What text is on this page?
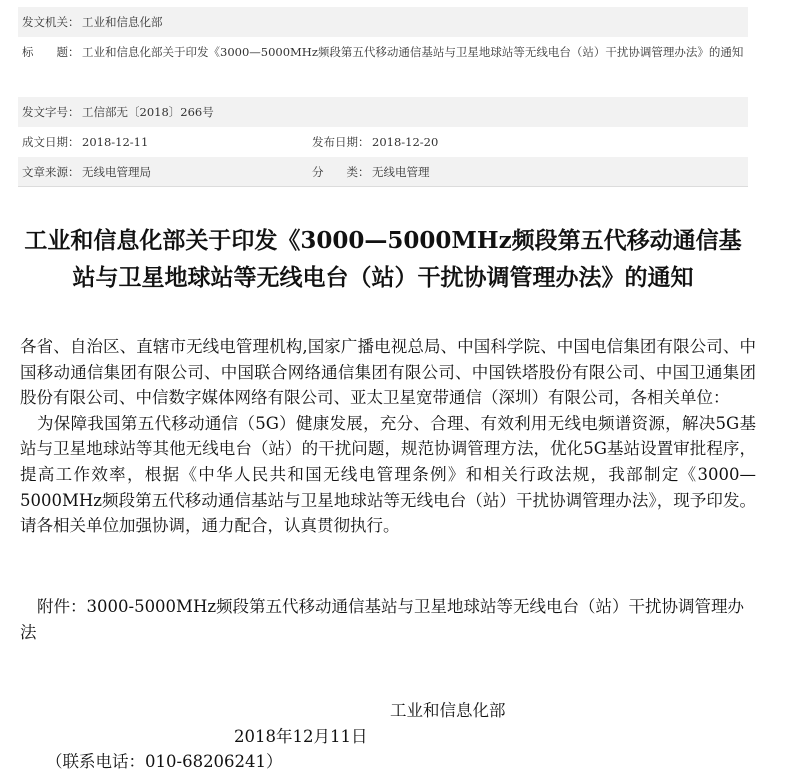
发文机关： 工业和信息化部
标　　题： 工业和信息化部关于印发《3000—5000MHz频段第五代移动通信基站与卫星地球站等无线电台（站）干扰协调管理办法》的通知
发文字号： 工信部无〔2018〕266号
成文日期： 2018-12-11	发布日期： 2018-12-20
文章来源： 无线电管理局	分　　类： 无线电管理
工业和信息化部关于印发《3000—5000MHz频段第五代移动通信基
站与卫星地球站等无线电台（站）干扰协调管理办法》的通知

各省、自治区、直辖市无线电管理机构,国家广播电视总局、中国科学院、中国电信集团有限公司、中国移动通信集团有限公司、中国联合网络通信集团有限公司、中国铁塔股份有限公司、中国卫通集团股份有限公司、中信数字媒体网络有限公司、亚太卫星宽带通信（深圳）有限公司，各相关单位：

为保障我国第五代移动通信（5G）健康发展，充分、合理、有效利用无线电频谱资源，解决5G基站与卫星地球站等其他无线电台（站）的干扰问题，规范协调管理方法，优化5G基站设置审批程序，提高工作效率，根据《中华人民共和国无线电管理条例》和相关行政法规，我部制定《3000—5000MHz频段第五代移动通信基站与卫星地球站等无线电台（站）干扰协调管理办法》，现予印发。请各相关单位加强协调，通力配合，认真贯彻执行。

附件：3000-5000MHz频段第五代移动通信基站与卫星地球站等无线电台（站）干扰协调管理办法
工业和信息化部
2018年12月11日
（联系电话：010-68206241）
